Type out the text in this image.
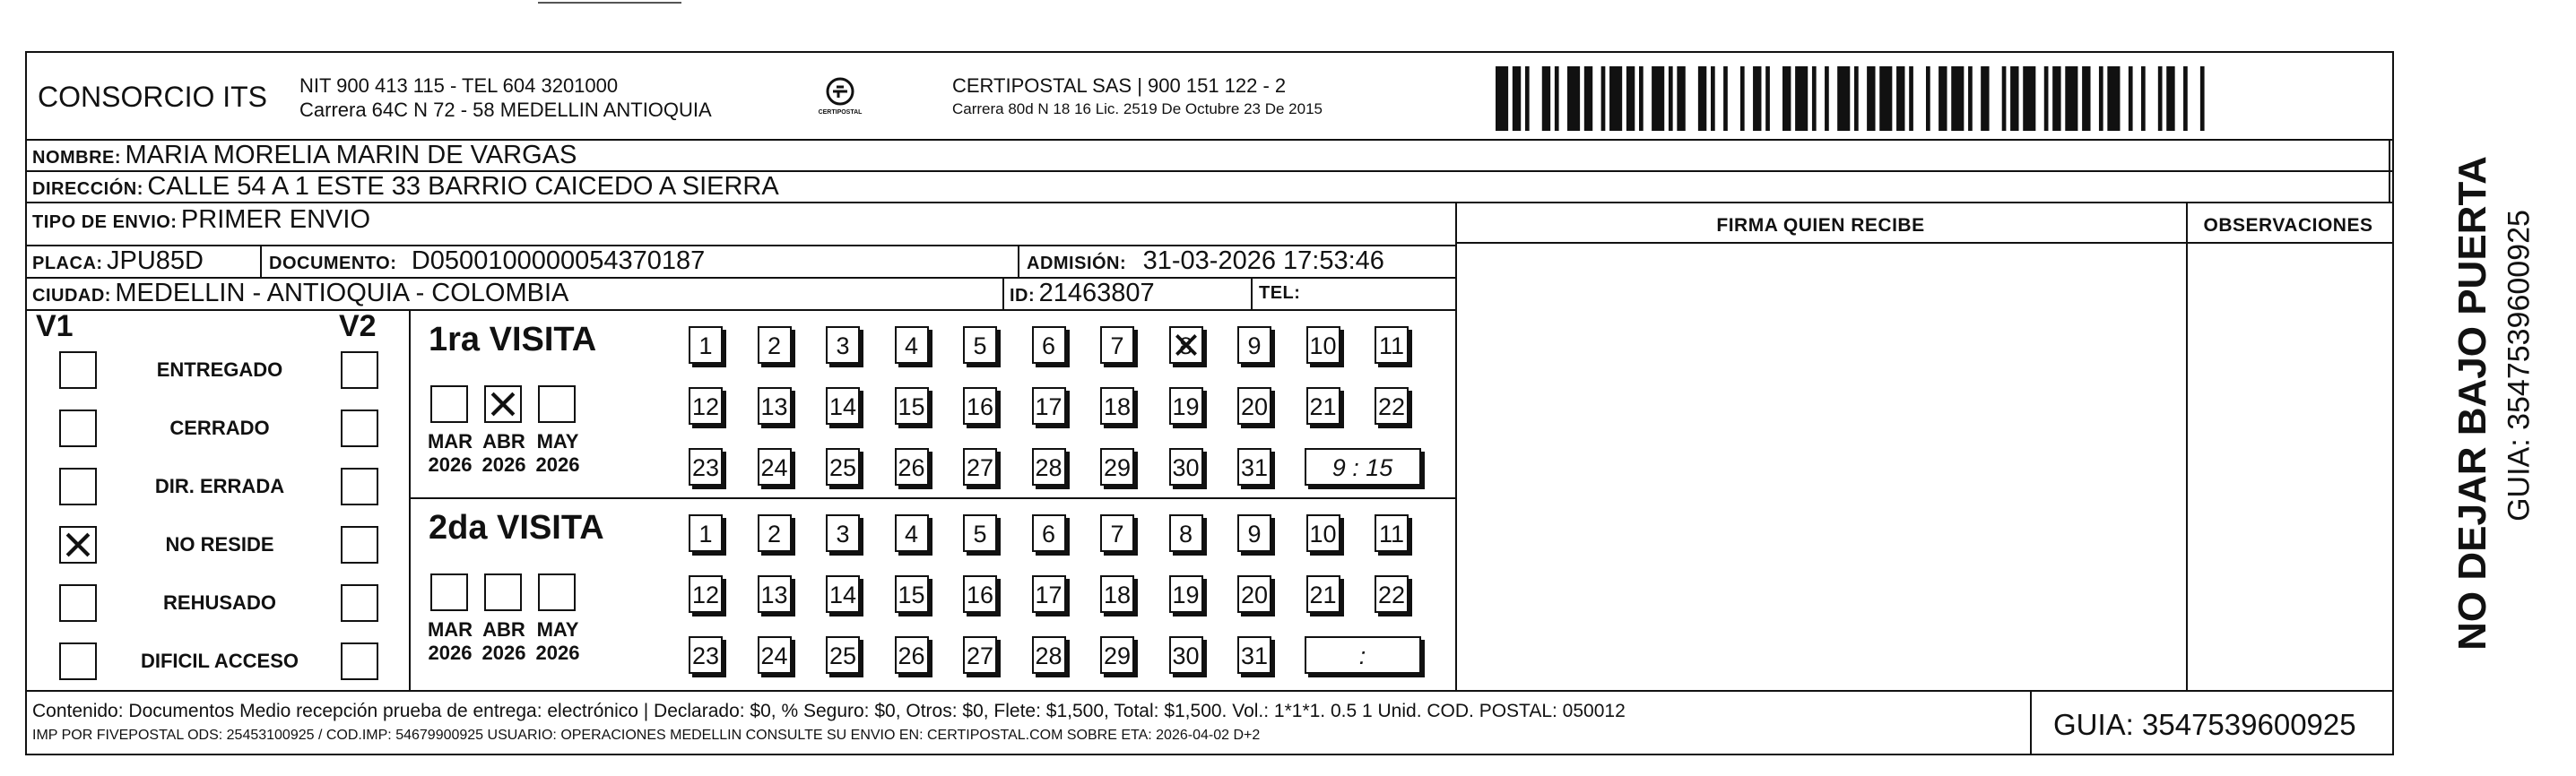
CONSORCIO ITS NIT 900 413 115 - TEL 604 3201000
Carrera 64C N 72 - 58 MEDELLIN ANTIOQUIA	CERTIPOSTAL
CERTIPOSTAL SAS | 900 151 122 - 2
Carrera 80d N 18 16 Lic. 2519 De Octubre 23 De 2015
NOMBRE: MARIA MORELIA MARIN DE VARGAS
DIRECCIÓN: CALLE 54 A 1 ESTE 33 BARRIO CAICEDO A SIERRA
TIPO DE ENVIO: PRIMER ENVIO
PLACA: JPU85D	DOCUMENTO: D0500100000054370187	ADMISIÓN: 31-03-2026 17:53:46
CIUDAD: MEDELLIN - ANTIOQUIA - COLOMBIA	ID: 21463807	TEL:
FIRMA QUIEN RECIBE	OBSERVACIONES
V1	V2
ENTREGADO
CERRADO
DIR. ERRADA
NO RESIDE
REHUSADO
DIFICIL ACCESO
1ra VISITA
MAR
2026
ABR
2026
MAY
2026
1	2	3	4	5	6	7	8	9	10 11
12 13 14 15 16 17 18 19 20 21 22
23 24 25 26 27 28 29 30 31	9 : 15
2da VISITA
MAR
2026
ABR
2026
MAY
2026
1	2	3	4	5	6	7	8	9	10 11
12 13 14 15 16 17 18 19 20 21 22
23 24 25 26 27 28 29 30 31	:
Contenido: Documentos Medio recepción prueba de entrega: electrónico | Declarado: $0, % Seguro: $0, Otros: $0, Flete: $1,500, Total: $1,500. Vol.: 1*1*1. 0.5 1 Unid. COD. POSTAL: 050012
IMP POR FIVEPOSTAL ODS: 25453100925 / COD.IMP: 54679900925 USUARIO: OPERACIONES MEDELLIN CONSULTE SU ENVIO EN: CERTIPOSTAL.COM SOBRE ETA: 2026-04-02 D+2	GUIA: 3547539600925
NO DEJAR BAJO PUERTA GUIA: 3547539600925
